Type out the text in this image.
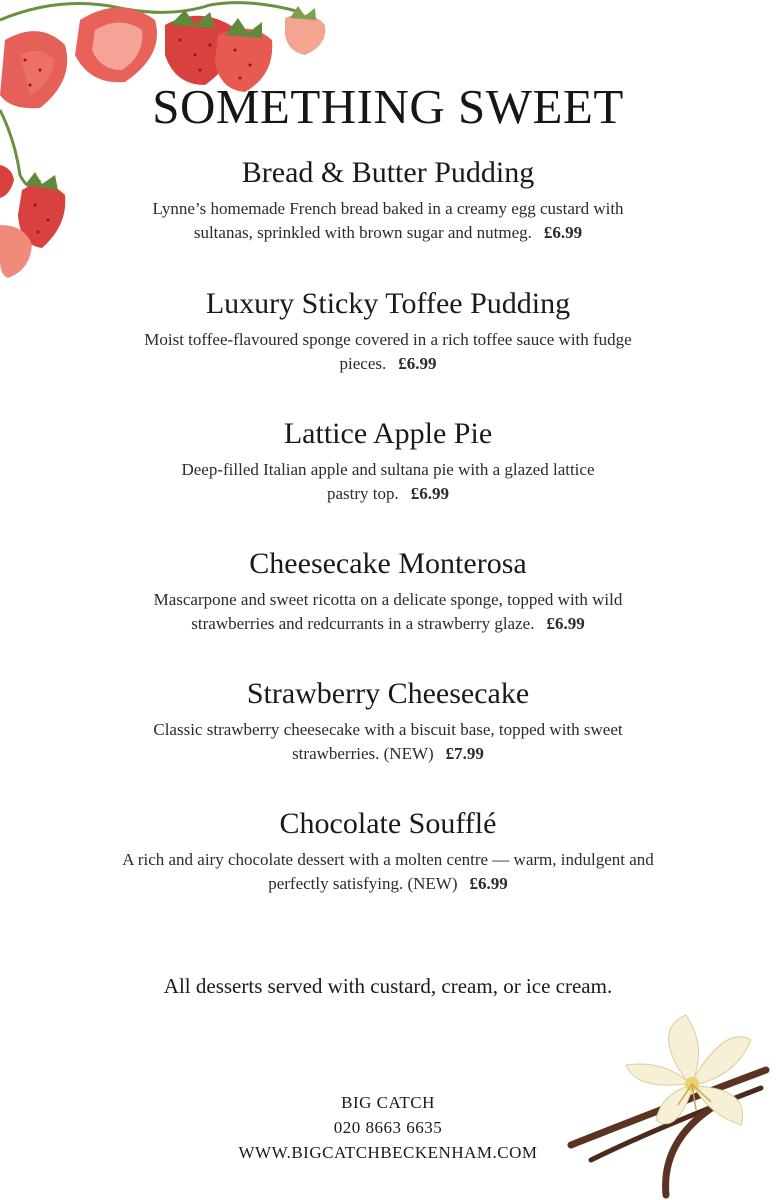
SOMETHING SWEET
Bread & Butter Pudding
Lynne’s homemade French bread baked in a creamy egg custard with
sultanas, sprinkled with brown sugar and nutmeg. £6.99
Luxury Sticky Toffee Pudding
Moist toffee-flavoured sponge covered in a rich toffee sauce with fudge
pieces. £6.99
Lattice Apple Pie
Deep-filled Italian apple and sultana pie with a glazed lattice
pastry top. £6.99
Cheesecake Monterosa
Mascarpone and sweet ricotta on a delicate sponge, topped with wild
strawberries and redcurrants in a strawberry glaze. £6.99
Strawberry Cheesecake
Classic strawberry cheesecake with a biscuit base, topped with sweet
strawberries. (NEW) £7.99
Chocolate Soufflé
A rich and airy chocolate dessert with a molten centre — warm, indulgent and
perfectly satisfying. (NEW) £6.99
All desserts served with custard, cream, or ice cream.
BIG CATCH
020 8663 6635
WWW.BIGCATCHBECKENHAM.COM
